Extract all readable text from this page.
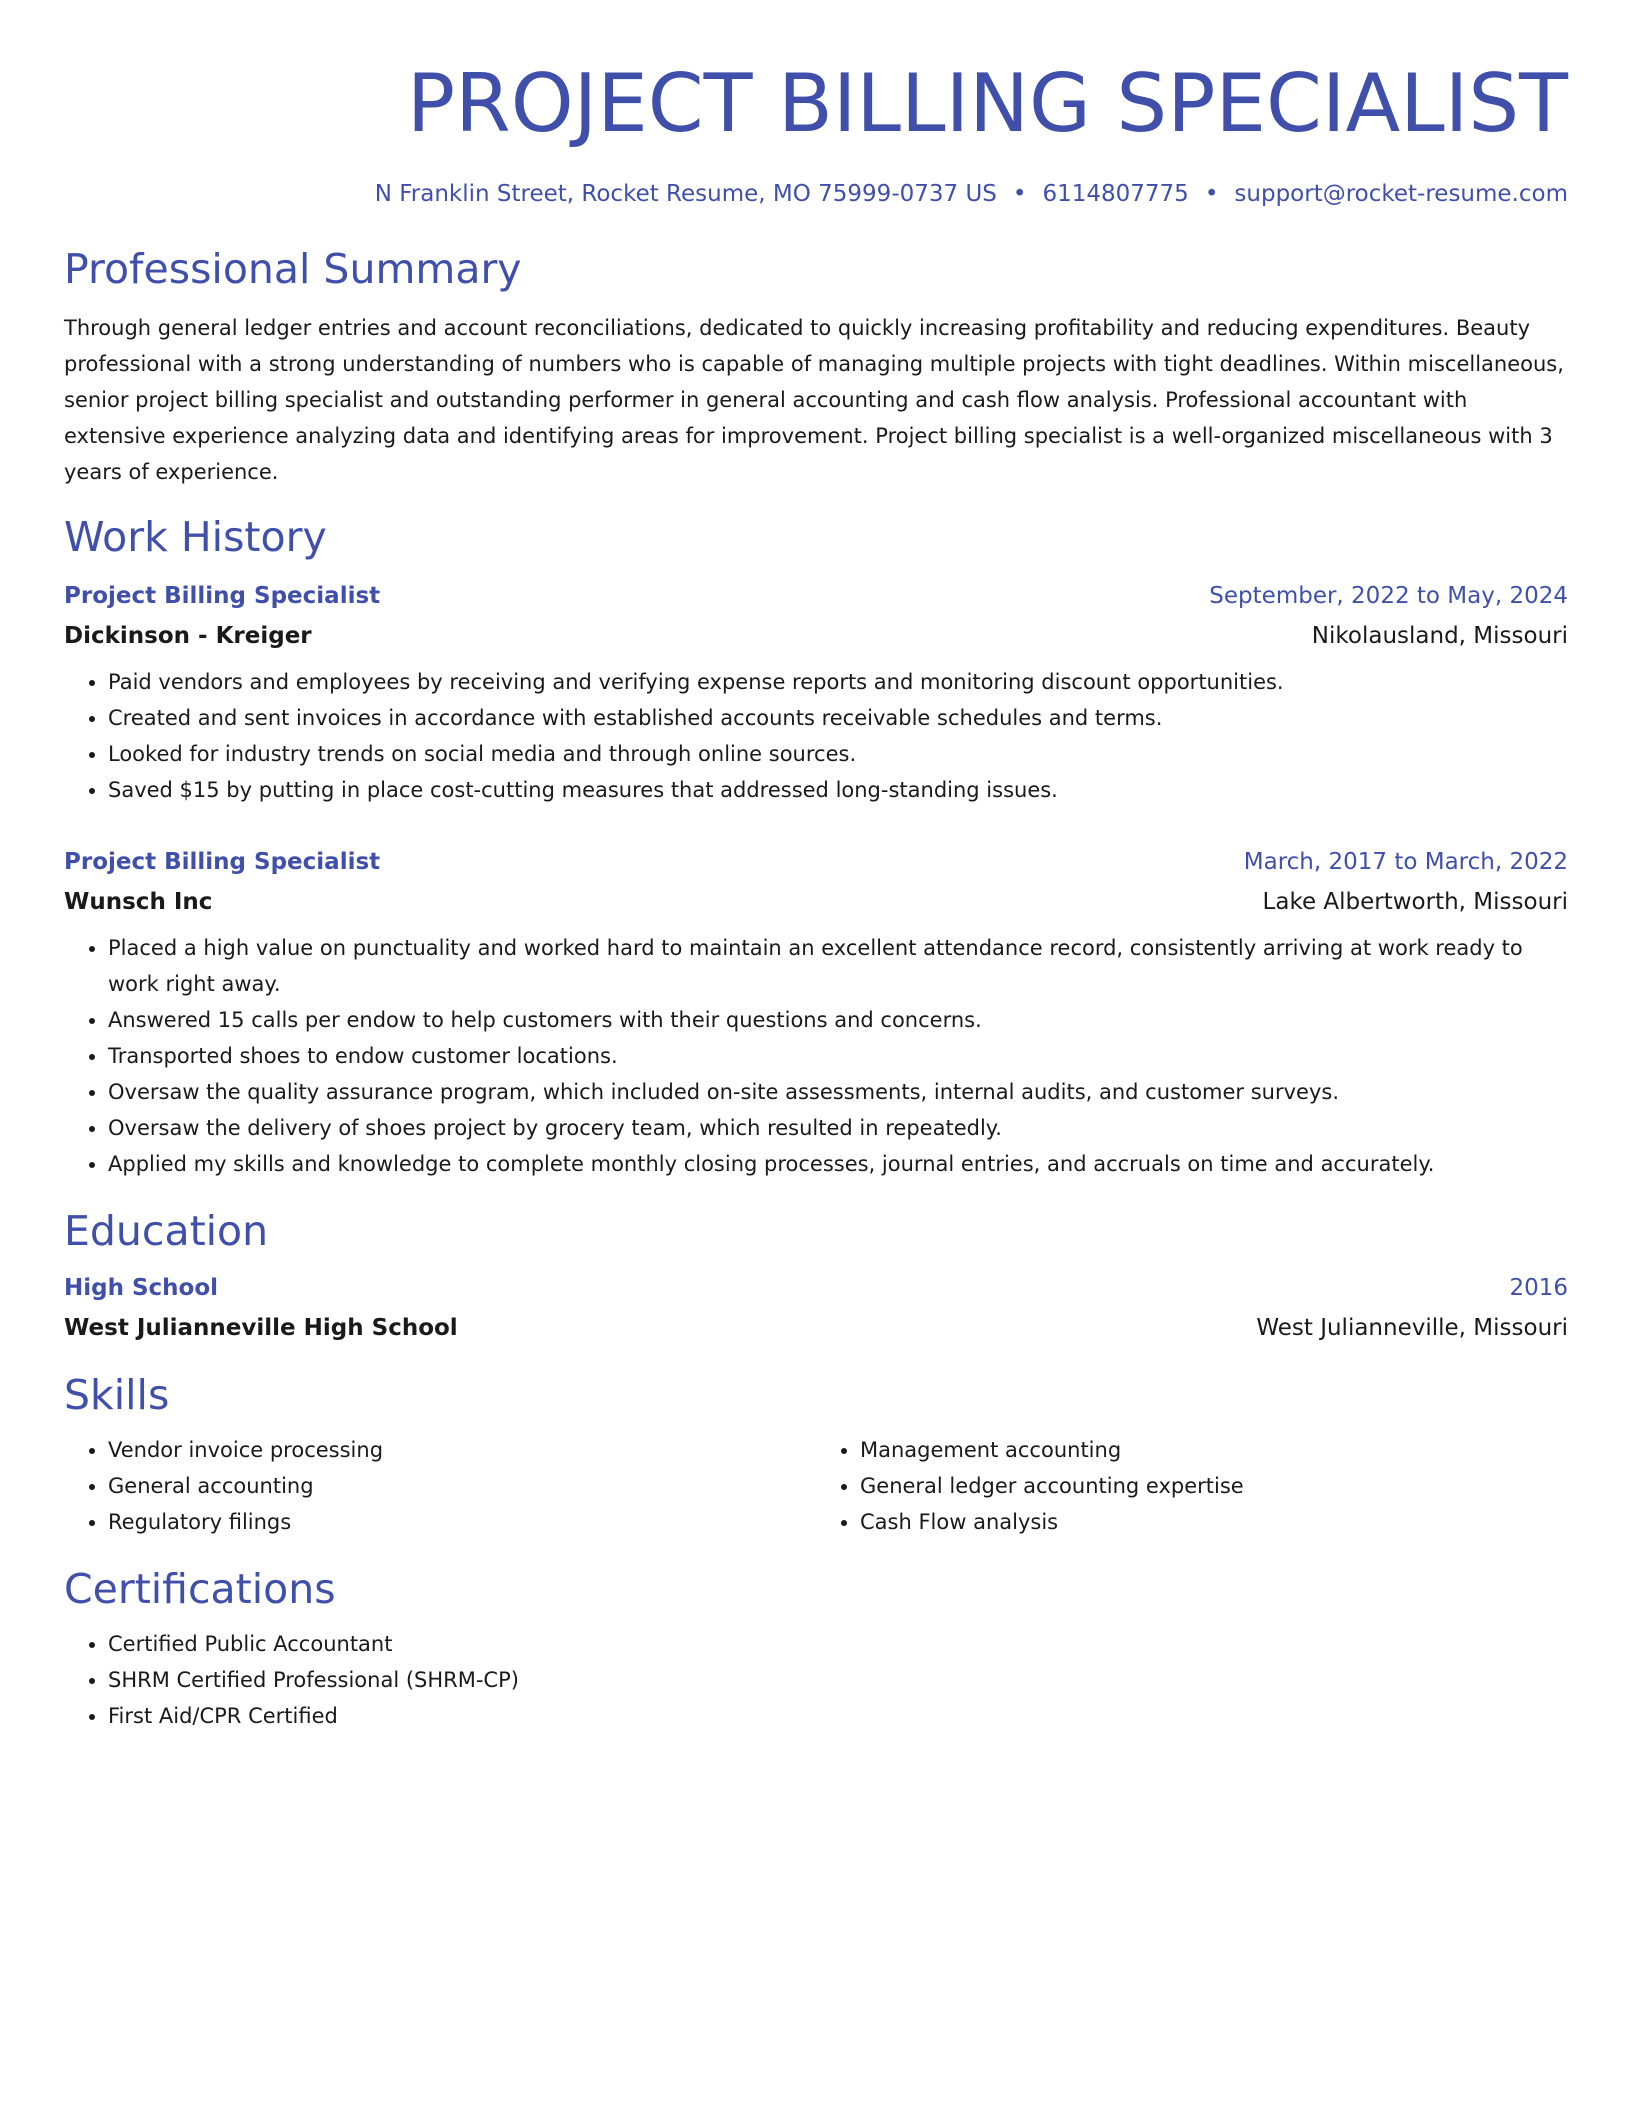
PROJECT BILLING SPECIALIST
N Franklin Street, Rocket Resume, MO 75999-0737 US • 6114807775 • support@rocket-resume.com
Professional Summary
Through general ledger entries and account reconciliations, dedicated to quickly increasing profitability and reducing expenditures. Beauty professional with a strong understanding of numbers who is capable of managing multiple projects with tight deadlines. Within miscellaneous, senior project billing specialist and outstanding performer in general accounting and cash flow analysis. Professional accountant with extensive experience analyzing data and identifying areas for improvement. Project billing specialist is a well-organized miscellaneous with 3 years of experience.
Work History
Project Billing Specialist	September, 2022 to May, 2024
Dickinson - Kreiger	Nikolausland, Missouri
• Paid vendors and employees by receiving and verifying expense reports and monitoring discount opportunities.
• Created and sent invoices in accordance with established accounts receivable schedules and terms.
• Looked for industry trends on social media and through online sources.
• Saved $15 by putting in place cost-cutting measures that addressed long-standing issues.
Project Billing Specialist	March, 2017 to March, 2022
Wunsch Inc	Lake Albertworth, Missouri
• Placed a high value on punctuality and worked hard to maintain an excellent attendance record, consistently arriving at work ready to work right away.
• Answered 15 calls per endow to help customers with their questions and concerns.
• Transported shoes to endow customer locations.
• Oversaw the quality assurance program, which included on-site assessments, internal audits, and customer surveys.
• Oversaw the delivery of shoes project by grocery team, which resulted in repeatedly.
• Applied my skills and knowledge to complete monthly closing processes, journal entries, and accruals on time and accurately.
Education
High School	2016
West Julianneville High School	West Julianneville, Missouri
Skills
• Vendor invoice processing
• General accounting
• Regulatory filings
• Management accounting
• General ledger accounting expertise
• Cash Flow analysis
Certifications
• Certified Public Accountant
• SHRM Certified Professional (SHRM-CP)
• First Aid/CPR Certified
